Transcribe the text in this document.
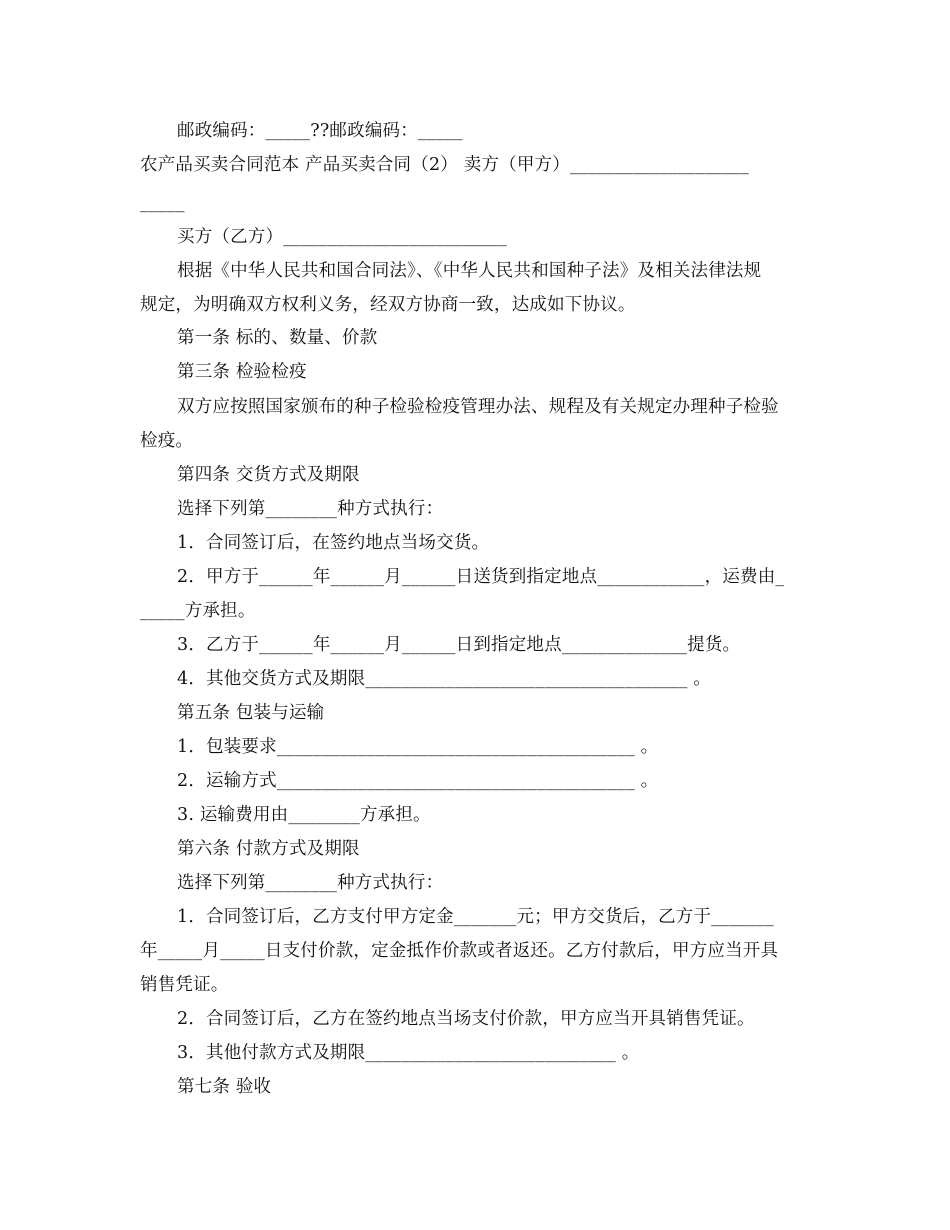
邮政编码：_____??邮政编码：_____
农产品买卖合同范本 产品买卖合同（2） 卖方（甲方）____________________
_____
买方（乙方）_________________________
根据《中华人民共和国合同法》、《中华人民共和国种子法》及相关法律法规
规定，为明确双方权利义务，经双方协商一致，达成如下协议。
第一条 标的、数量、价款
第三条 检验检疫
双方应按照国家颁布的种子检验检疫管理办法、规程及有关规定办理种子检验
检疫。
第四条 交货方式及期限
选择下列第________种方式执行：
1．合同签订后，在签约地点当场交货。
2．甲方于______年______月______日送货到指定地点____________，运费由_
_____方承担。
3．乙方于______年______月______日到指定地点______________提货。
4．其他交货方式及期限____________________________________ 。
第五条 包装与运输
1．包装要求________________________________________ 。
2．运输方式________________________________________ 。
3. 运输费用由________方承担。
第六条 付款方式及期限
选择下列第________种方式执行：
1．合同签订后，乙方支付甲方定金_______元；甲方交货后，乙方于_______
年_____月_____日支付价款，定金抵作价款或者返还。乙方付款后，甲方应当开具
销售凭证。
2．合同签订后，乙方在签约地点当场支付价款，甲方应当开具销售凭证。
3．其他付款方式及期限____________________________ 。
第七条 验收
